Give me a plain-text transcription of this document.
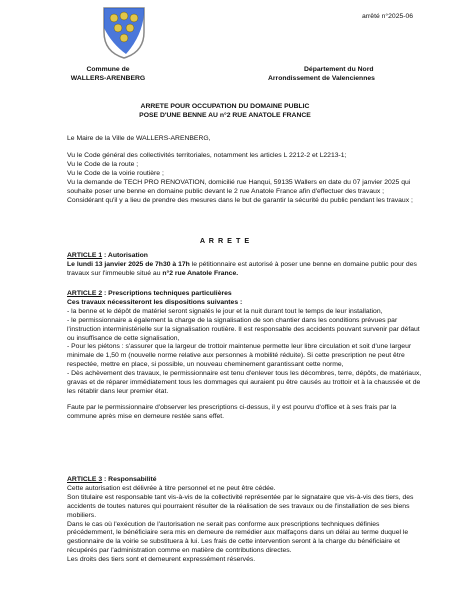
arrêté n°2025-06
Commune de
WALLERS-ARENBERG
Département du Nord
Arrondissement de Valenciennes
ARRETE POUR OCCUPATION DU DOMAINE PUBLIC
POSE D'UNE BENNE AU n°2 RUE ANATOLE FRANCE
Le Maire de la Ville de WALLERS-ARENBERG,

Vu le Code général des collectivités territoriales, notamment les articles L 2212-2 et L2213-1;

Vu le Code de la route ;

Vu le Code de la voirie routière ;

Vu la demande de TECH PRO RENOVATION, domicilié rue Hanqui, 59135 Wallers en date du 07 janvier 2025 qui souhaite poser une benne en domaine public devant le 2 rue Anatole France afin d'effectuer des travaux ;

Considérant qu'il y a lieu de prendre des mesures dans le but de garantir la sécurité du public pendant les travaux ;

A R R E T E

ARTICLE 1 : Autorisation

Le lundi 13 janvier 2025 de 7h30 à 17h le pétitionnaire est autorisé à poser une benne en domaine public pour des travaux sur l'immeuble situé au n°2 rue Anatole France.

ARTICLE 2 : Prescriptions techniques particulières

Ces travaux nécessiteront les dispositions suivantes :

- la benne et le dépôt de matériel seront signalés le jour et la nuit durant tout le temps de leur installation,

- le permissionnaire a également la charge de la signalisation de son chantier dans les conditions prévues par l'instruction interministérielle sur la signalisation routière. Il est responsable des accidents pouvant survenir par défaut ou insuffisance de cette signalisation,

- Pour les piétons : s'assurer que la largeur de trottoir maintenue permette leur libre circulation et soit d'une largeur minimale de 1,50 m (nouvelle norme relative aux personnes à mobilité réduite). Si cette prescription ne peut être respectée, mettre en place, si possible, un nouveau cheminement garantissant cette norme,

- Dès achèvement des travaux, le permissionnaire est tenu d'enlever tous les décombres, terre, dépôts, de matériaux, gravas et de réparer immédiatement tous les dommages qui auraient pu être causés au trottoir et à la chaussée et de les rétablir dans leur premier état.

Faute par le permissionnaire d'observer les prescriptions ci-dessus, il y est pourvu d'office et à ses frais par la commune après mise en demeure restée sans effet.

ARTICLE 3 : Responsabilité

Cette autorisation est délivrée à titre personnel et ne peut être cédée.

Son titulaire est responsable tant vis-à-vis de la collectivité représentée par le signataire que vis-à-vis des tiers, des accidents de toutes natures qui pourraient résulter de la réalisation de ses travaux ou de l'installation de ses biens mobiliers.

Dans le cas où l'exécution de l'autorisation ne serait pas conforme aux prescriptions techniques définies précédemment, le bénéficiaire sera mis en demeure de remédier aux malfaçons dans un délai au terme duquel le gestionnaire de la voirie se substituera à lui. Les frais de cette intervention seront à la charge du bénéficiaire et récupérés par l'administration comme en matière de contributions directes.

Les droits des tiers sont et demeurent expressément réservés.
